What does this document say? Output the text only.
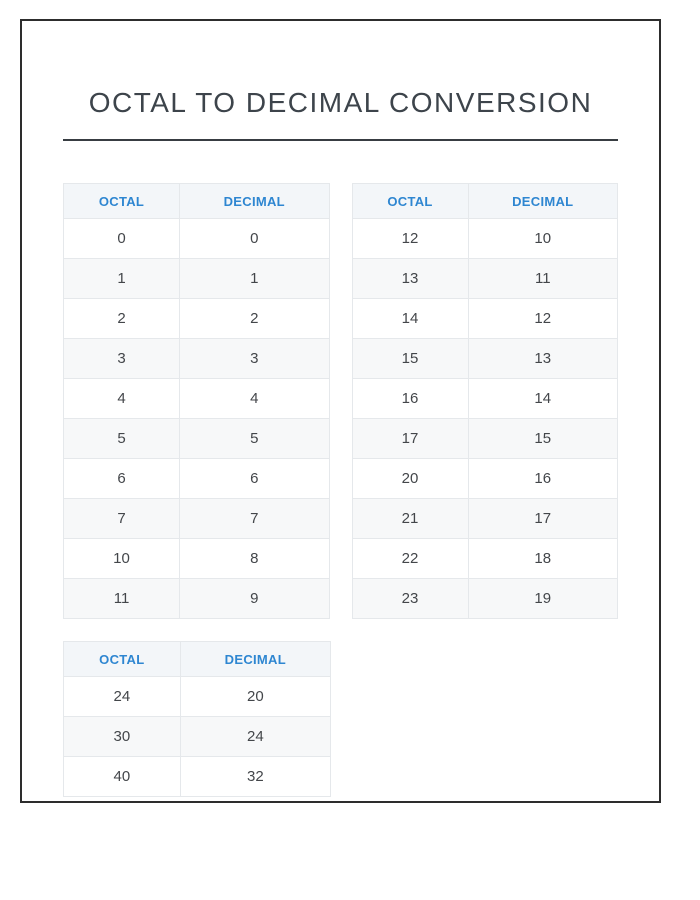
OCTAL TO DECIMAL CONVERSION
OCTAL	DECIMAL
0	0
1	1
2	2
3	3
4	4
5	5
6	6
7	7
10	8
11	9
OCTAL	DECIMAL
12	10
13	11
14	12
15	13
16	14
17	15
20	16
21	17
22	18
23	19
OCTAL	DECIMAL
24	20
30	24
40	32
